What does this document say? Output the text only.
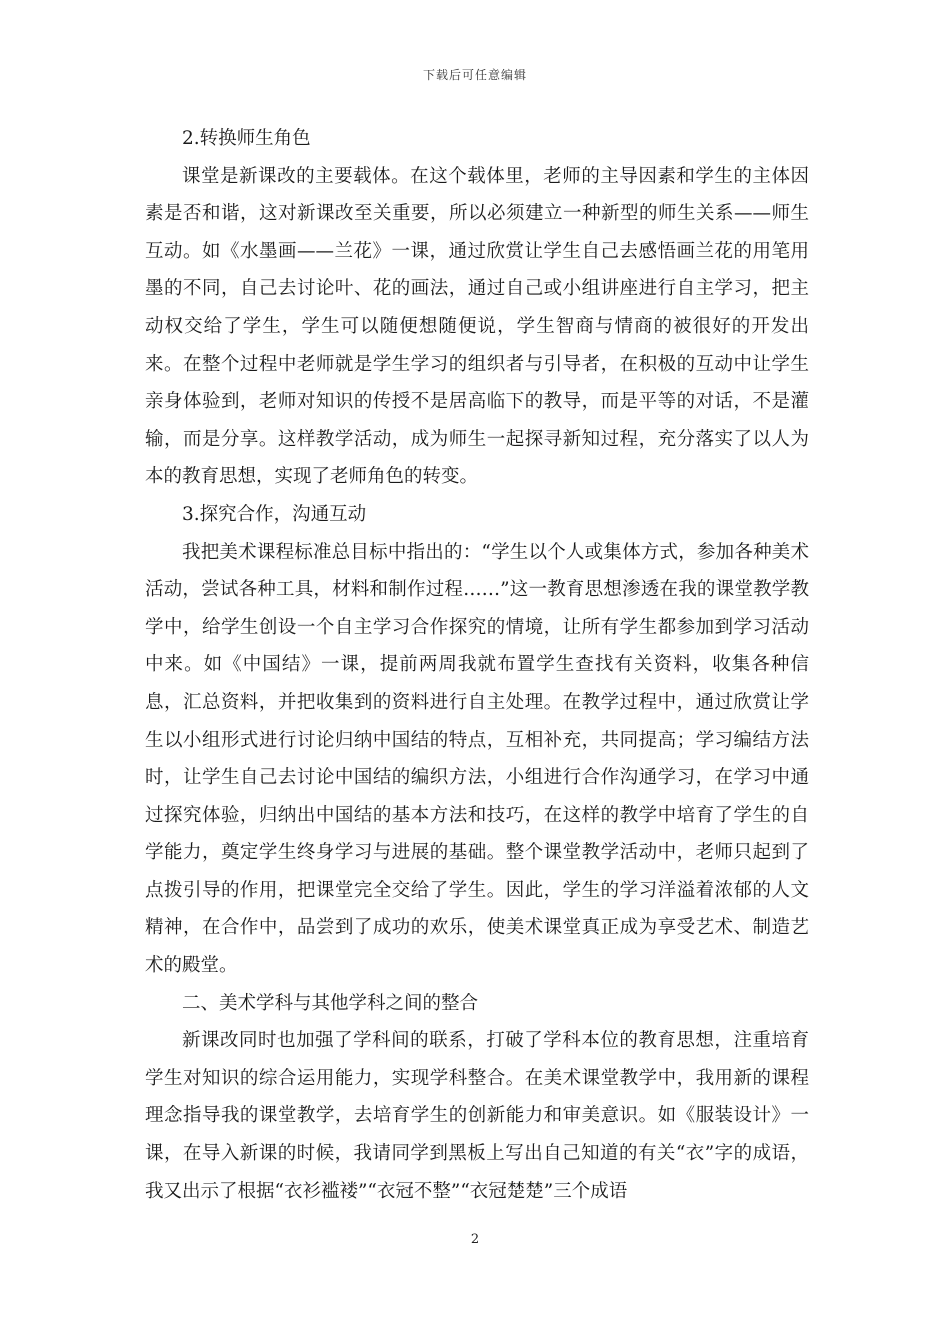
下载后可任意编辑

2.转换师生角色

课堂是新课改的主要载体。在这个载体里，老师的主导因素和学生的主体因素是否和谐，这对新课改至关重要，所以必须建立一种新型的师生关系——师生互动。如《水墨画——兰花》一课，通过欣赏让学生自己去感悟画兰花的用笔用墨的不同，自己去讨论叶、花的画法，通过自己或小组讲座进行自主学习，把主动权交给了学生，学生可以随便想随便说，学生智商与情商的被很好的开发出来。在整个过程中老师就是学生学习的组织者与引导者，在积极的互动中让学生亲身体验到，老师对知识的传授不是居高临下的教导，而是平等的对话，不是灌输，而是分享。这样教学活动，成为师生一起探寻新知过程，充分落实了以人为本的教育思想，实现了老师角色的转变。

3.探究合作，沟通互动

我把美术课程标准总目标中指出的：“学生以个人或集体方式，参加各种美术活动，尝试各种工具，材料和制作过程……”这一教育思想渗透在我的课堂教学教学中，给学生创设一个自主学习合作探究的情境，让所有学生都参加到学习活动中来。如《中国结》一课，提前两周我就布置学生查找有关资料，收集各种信息，汇总资料，并把收集到的资料进行自主处理。在教学过程中，通过欣赏让学生以小组形式进行讨论归纳中国结的特点，互相补充，共同提高；学习编结方法时，让学生自己去讨论中国结的编织方法，小组进行合作沟通学习，在学习中通过探究体验，归纳出中国结的基本方法和技巧，在这样的教学中培育了学生的自学能力，奠定学生终身学习与进展的基础。整个课堂教学活动中，老师只起到了点拨引导的作用，把课堂完全交给了学生。因此，学生的学习洋溢着浓郁的人文精神，在合作中，品尝到了成功的欢乐，使美术课堂真正成为享受艺术、制造艺术的殿堂。

二、美术学科与其他学科之间的整合

新课改同时也加强了学科间的联系，打破了学科本位的教育思想，注重培育学生对知识的综合运用能力，实现学科整合。在美术课堂教学中，我用新的课程理念指导我的课堂教学，去培育学生的创新能力和审美意识。如《服装设计》一课，在导入新课的时候，我请同学到黑板上写出自己知道的有关“衣”字的成语，我又出示了根据“衣衫褴褛”“衣冠不整”“衣冠楚楚”三个成语

2
